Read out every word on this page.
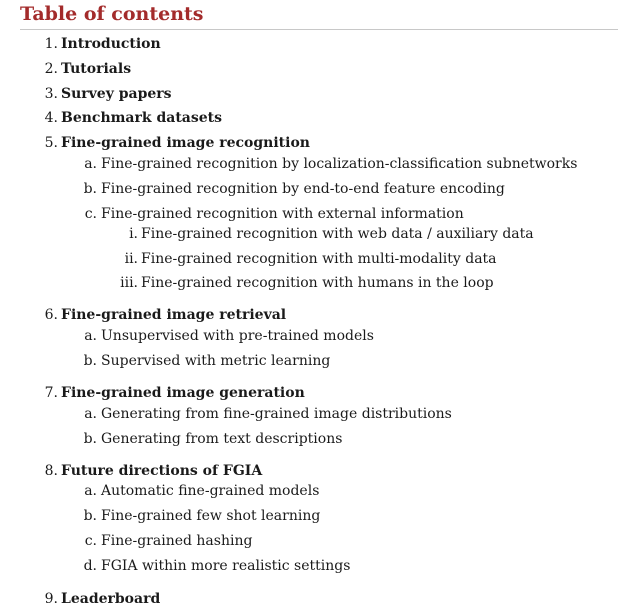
Table of contents
1. Introduction
2. Tutorials
3. Survey papers
4. Benchmark datasets
5. Fine-grained image recognition
a. Fine-grained recognition by localization-classification subnetworks
b. Fine-grained recognition by end-to-end feature encoding
c. Fine-grained recognition with external information
i. Fine-grained recognition with web data / auxiliary data
ii. Fine-grained recognition with multi-modality data
iii. Fine-grained recognition with humans in the loop
6. Fine-grained image retrieval
a. Unsupervised with pre-trained models
b. Supervised with metric learning
7. Fine-grained image generation
a. Generating from fine-grained image distributions
b. Generating from text descriptions
8. Future directions of FGIA
a. Automatic fine-grained models
b. Fine-grained few shot learning
c. Fine-grained hashing
d. FGIA within more realistic settings
9. Leaderboard
